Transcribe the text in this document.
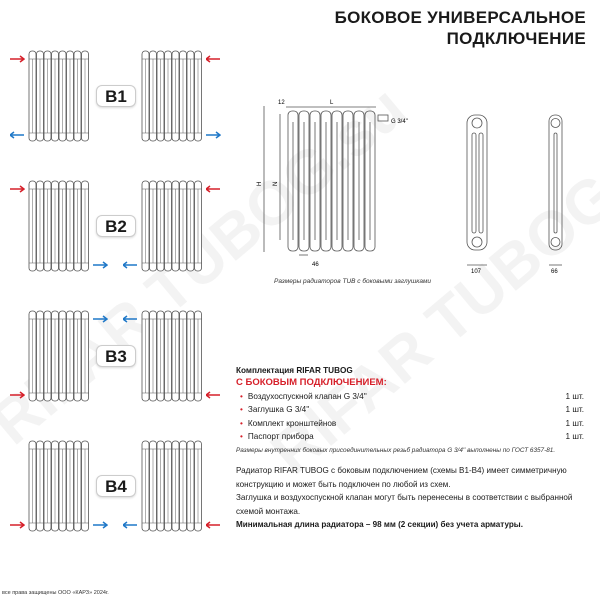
БОКОВОЕ УНИВЕРСАЛЬНОЕ
ПОДКЛЮЧЕНИЕ
B1
B2
B3
B4
12	L
G 3/4''
H N
46
107	66
Размеры радиаторов TUB с боковыми заглушками
Комплектация RIFAR TUBOG
С БОКОВЫМ ПОДКЛЮЧЕНИЕМ:
• Воздухоспускной клапан G 3/4''	1 шт.
• Заглушка G 3/4''	1 шт.
• Комплект кронштейнов	1 шт.
• Паспорт прибора	1 шт.
Размеры внутренних боковых присоединительных резьб радиатора G 3/4'' выполнены по ГОСТ 6357-81.
Радиатор RIFAR TUBOG с боковым подключением (схемы В1-В4) имеет симметричную конструкцию и может быть подключен по любой из схем.
Заглушка и воздухоспускной клапан могут быть перенесены в соответствии с выбранной схемой монтажа.
Минимальная длина радиатора – 98 мм (2 секции) без учета арматуры.
все права защищены ООО «КАРЗ» 2024г.
